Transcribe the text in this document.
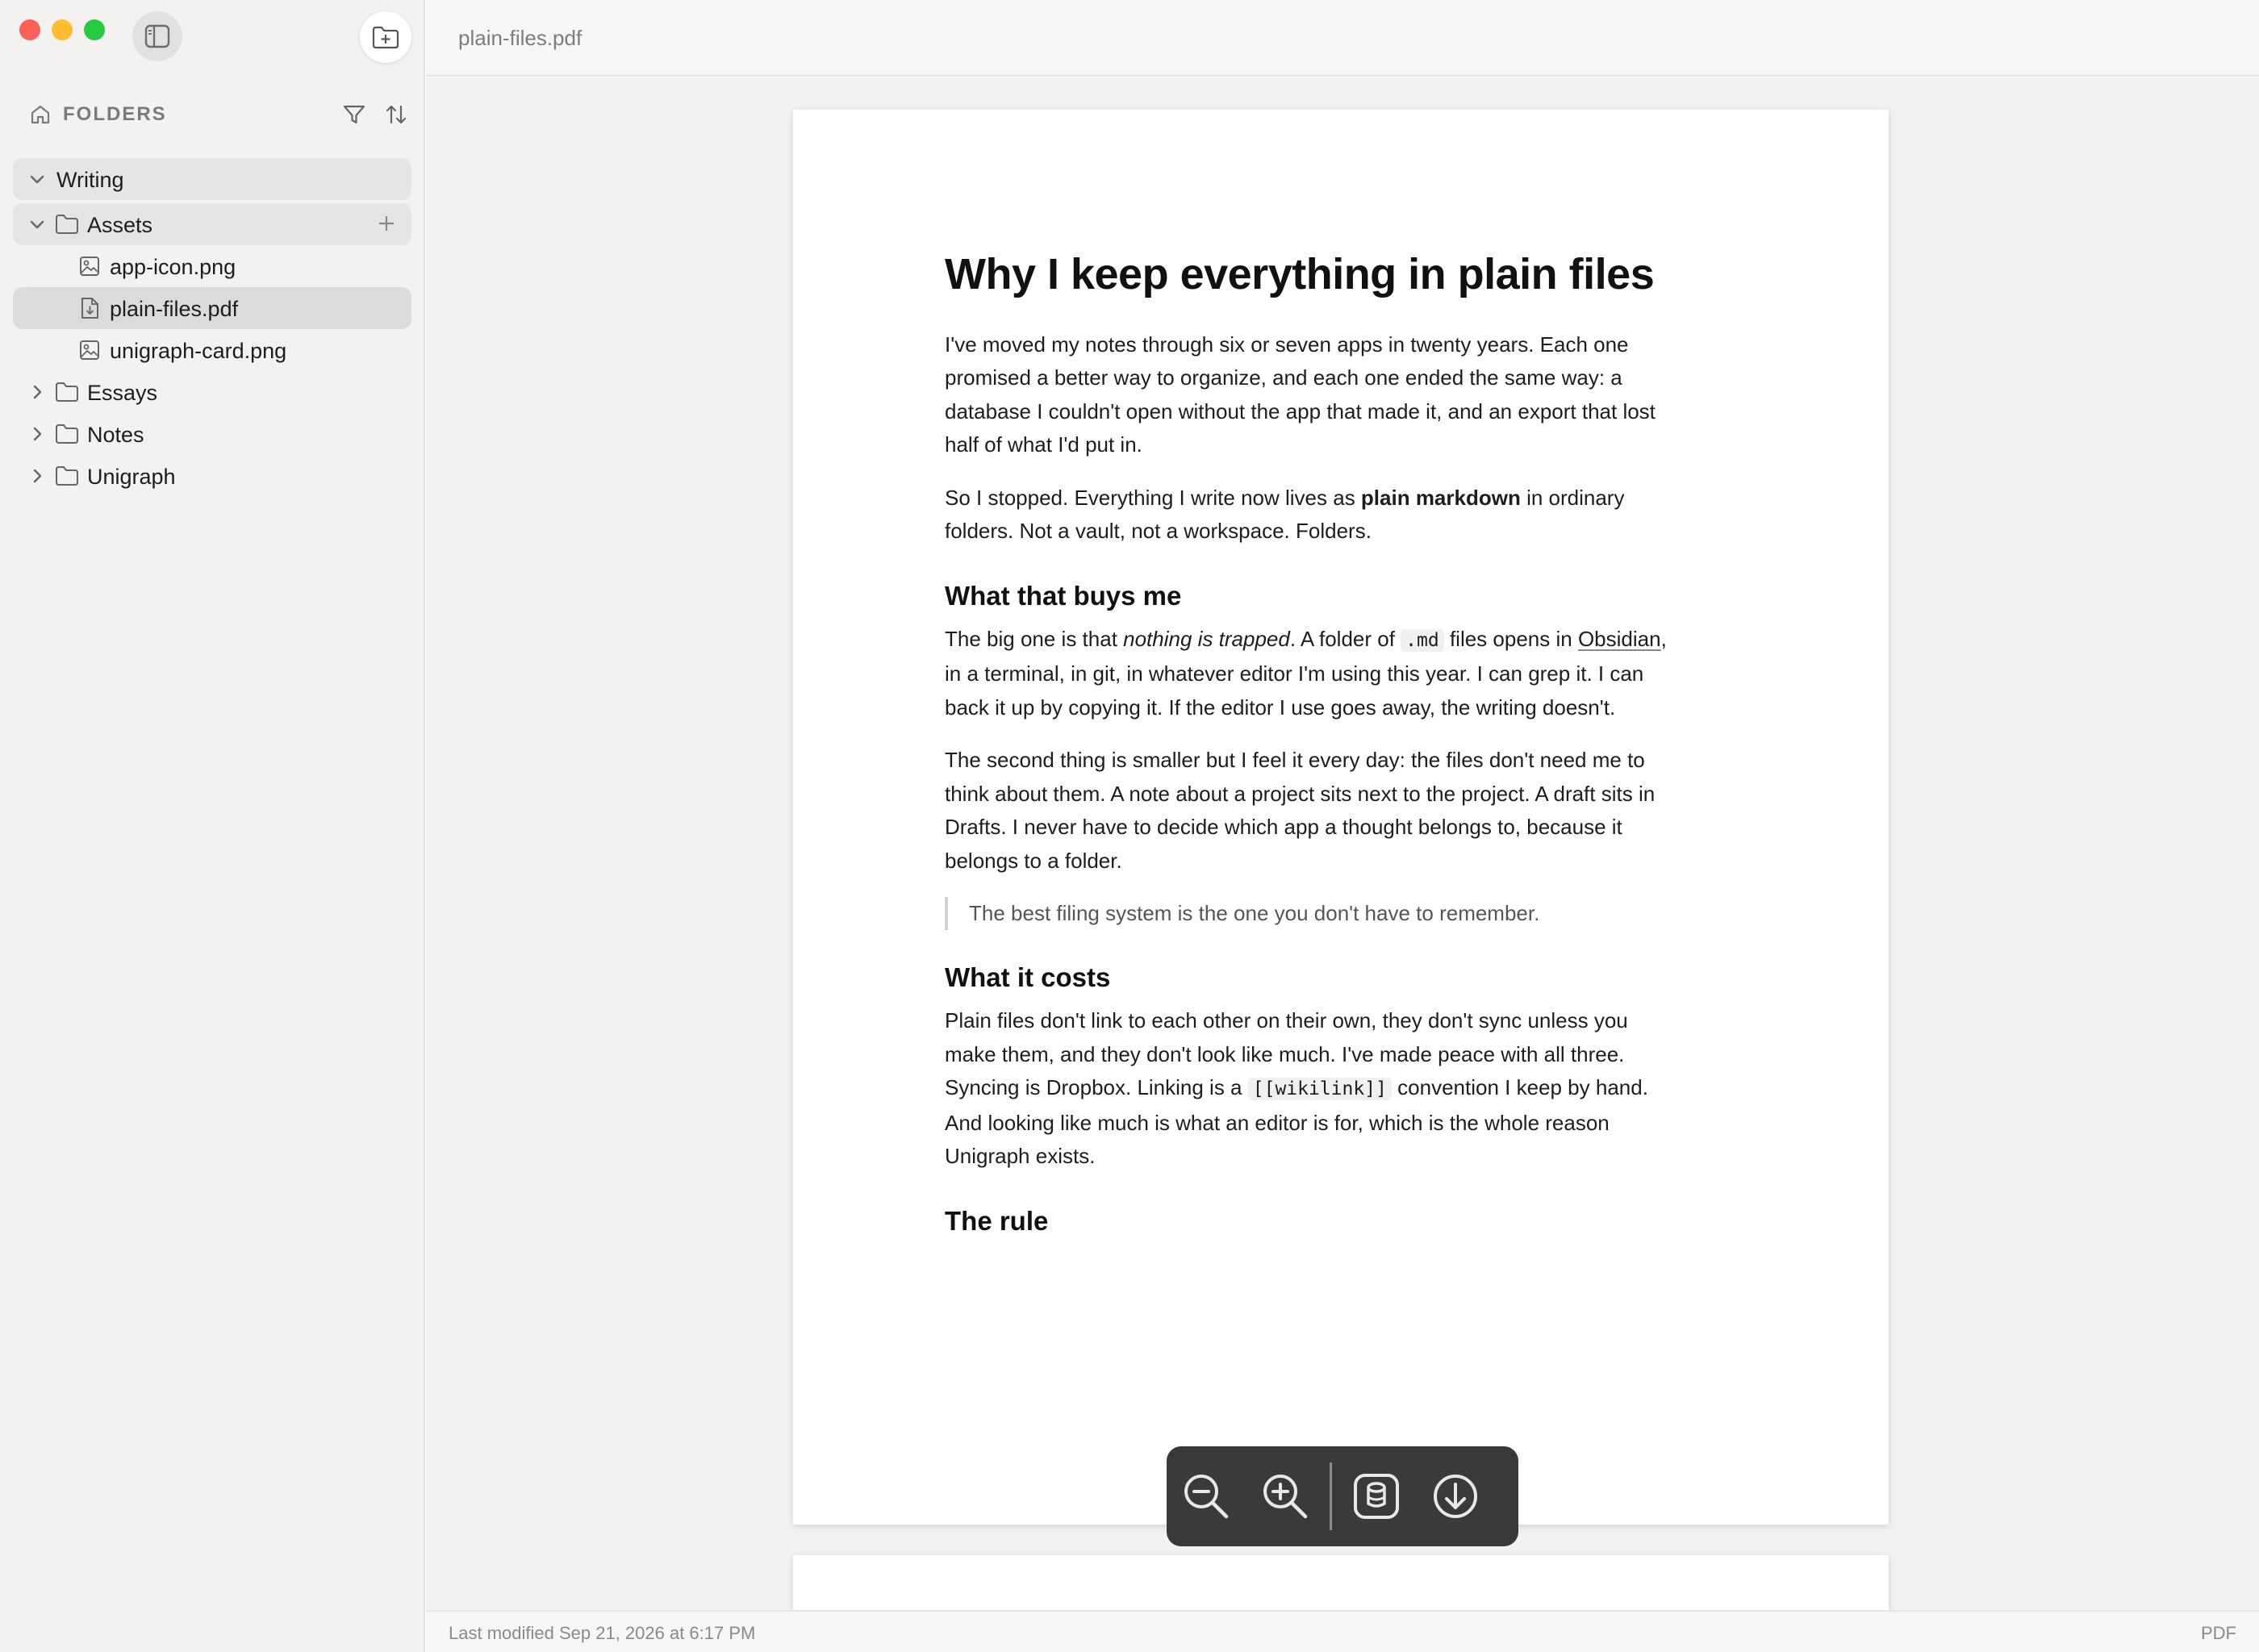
FOLDERS
Writing
Assets
app-icon.png
plain-files.pdf
unigraph-card.png
Essays
Notes
Unigraph
plain-files.pdf
Why I keep everything in plain files

I've moved my notes through six or seven apps in twenty years. Each one promised a better way to organize, and each one ended the same way: a database I couldn't open without the app that made it, and an export that lost half of what I'd put in.

So I stopped. Everything I write now lives as plain markdown in ordinary folders. Not a vault, not a workspace. Folders.

What that buys me

The big one is that nothing is trapped. A folder of .md files opens in Obsidian, in a terminal, in git, in whatever editor I'm using this year. I can grep it. I can back it up by copying it. If the editor I use goes away, the writing doesn't.

The second thing is smaller but I feel it every day: the files don't need me to think about them. A note about a project sits next to the project. A draft sits in Drafts. I never have to decide which app a thought belongs to, because it belongs to a folder.

The best filing system is the one you don't have to remember.
What it costs

Plain files don't link to each other on their own, they don't sync unless you make them, and they don't look like much. I've made peace with all three. Syncing is Dropbox. Linking is a [[wikilink]] convention I keep by hand. And looking like much is what an editor is for, which is the whole reason Unigraph exists.

The rule
Last modified Sep 21, 2026 at 6:17 PM	PDF
